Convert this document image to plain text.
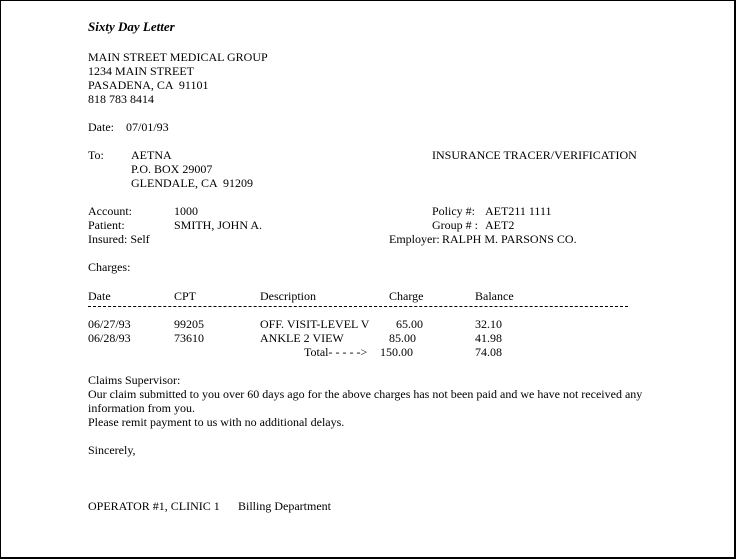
Sixty Day Letter
MAIN STREET MEDICAL GROUP
1234 MAIN STREET
PASADENA, CA  91101
818 783 8414
Date: 07/01/93
To: AETNA
P.O. BOX 29007
GLENDALE, CA  91209
INSURANCE TRACER/VERIFICATION
Account:	1000
Patient:	SMITH, JOHN A.
Insured: Self
Policy #: AET211 1111
Group # : AET2
Employer: RALPH M. PARSONS CO.
Charges:
Date	CPT	Description	Charge	Balance
06/27/93	99205	OFF. VISIT-LEVEL V 65.00	32.10
06/28/93	73610	ANKLE 2 VIEW	85.00	41.98
Total- - - - -> 150.00	74.08
Claims Supervisor:
Our claim submitted to you over 60 days ago for the above charges has not been paid and we have not received any
information from you.
Please remit payment to us with no additional delays.
Sincerely,
OPERATOR #1, CLINIC 1 Billing Department
